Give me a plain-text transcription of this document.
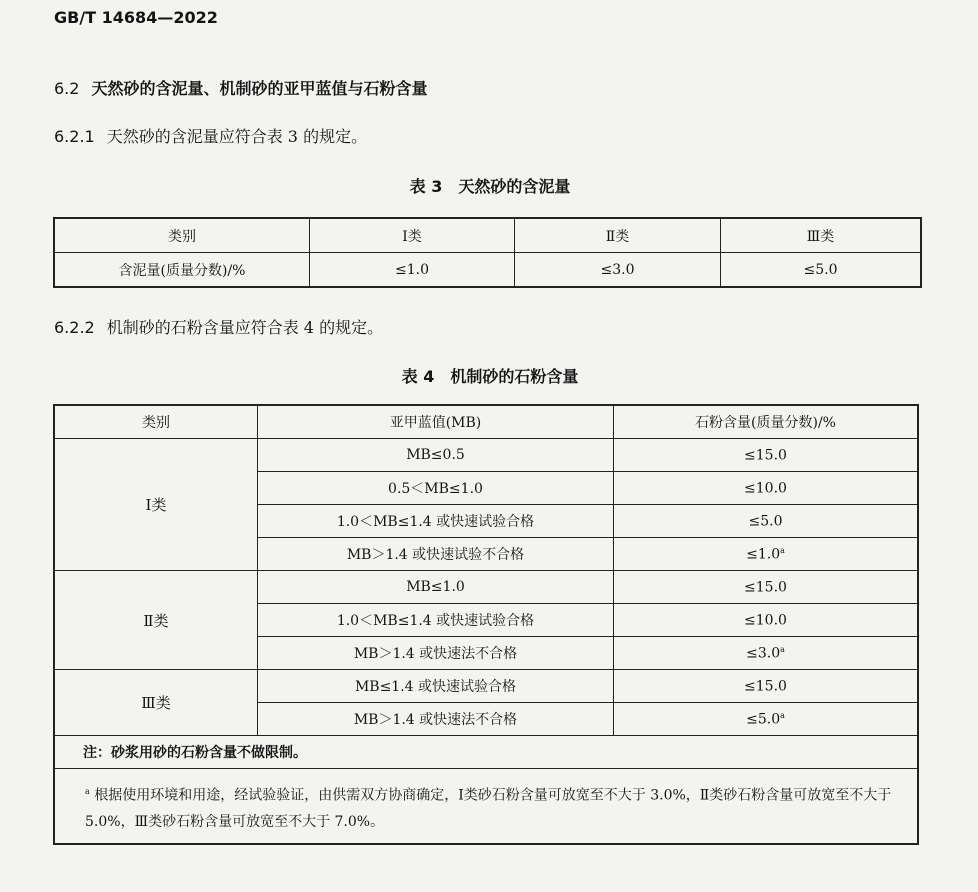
GB/T 14684—2022
6.2 天然砂的含泥量、机制砂的亚甲蓝值与石粉含量
6.2.1 天然砂的含泥量应符合表 3 的规定。
表 3　天然砂的含泥量
类别	Ⅰ类	Ⅱ类	Ⅲ类
含泥量(质量分数)/%	≤1.0	≤3.0	≤5.0
6.2.2 机制砂的石粉含量应符合表 4 的规定。
表 4　机制砂的石粉含量
类别	亚甲蓝值(MB)	石粉含量(质量分数)/%
Ⅰ类	MB≤0.5	≤15.0
	0.5＜MB≤1.0	≤10.0
	1.0＜MB≤1.4 或快速试验合格	≤5.0
	MB＞1.4 或快速试验不合格	≤1.0$^a$
Ⅱ类	MB≤1.0	≤15.0
	1.0＜MB≤1.4 或快速试验合格	≤10.0
	MB＞1.4 或快速法不合格	≤3.0$^a$
Ⅲ类	MB≤1.4 或快速试验合格	≤15.0
	MB＞1.4 或快速法不合格	≤5.0$^a$
注：砂浆用砂的石粉含量不做限制。		
$^a$ 根据使用环境和用途，经试验验证，由供需双方协商确定，Ⅰ类砂石粉含量可放宽至不大于 3.0%，Ⅱ类砂石粉含量可放宽至不大于 5.0%，Ⅲ类砂石粉含量可放宽至不大于 7.0%。		
